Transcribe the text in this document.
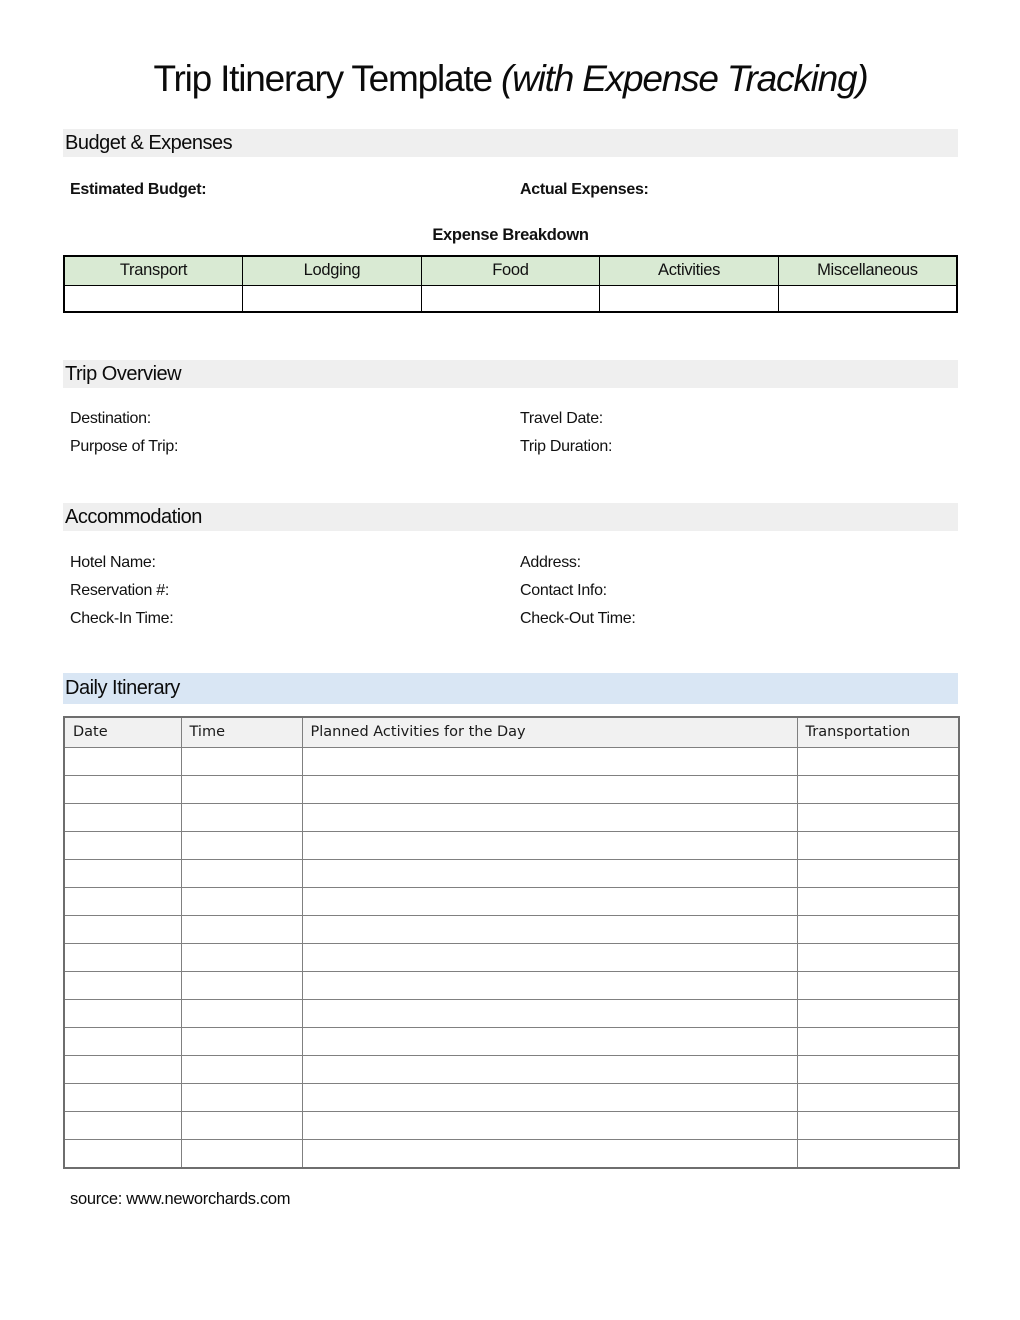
Trip Itinerary Template (with Expense Tracking)
Budget & Expenses
Estimated Budget:	Actual Expenses:
Expense Breakdown
Transport	Lodging	Food	Activities	Miscellaneous

Trip Overview
Destination:	Travel Date:
Purpose of Trip:	Trip Duration:
Accommodation
Hotel Name:	Address:
Reservation #:	Contact Info:
Check-In Time:	Check-Out Time:
Daily Itinerary
Date	Time	Planned Activities for the Day	Transportation

source: www.neworchards.com
